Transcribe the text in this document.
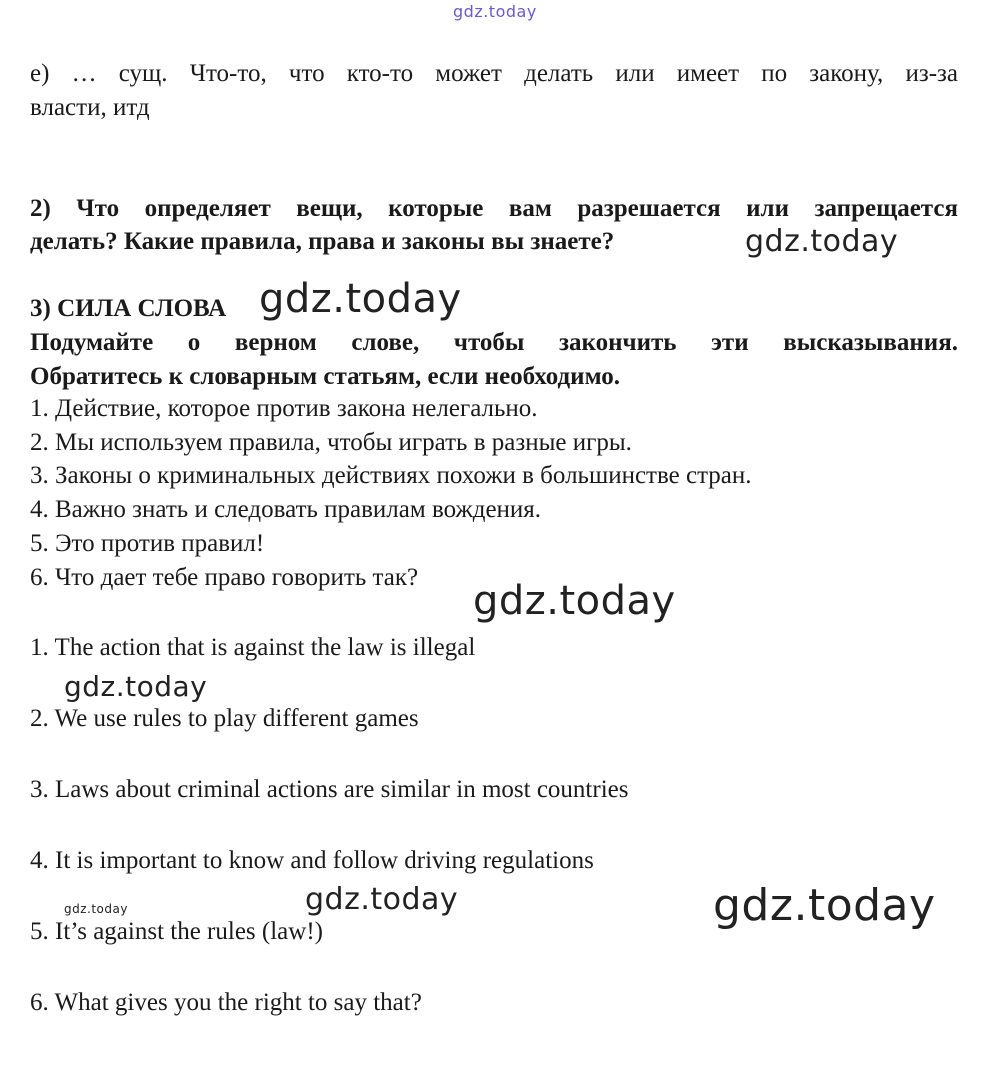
gdz.today
е) … сущ. Что-то, что кто-то может делать или имеет по закону, из-за
власти, итд
2) Что определяет вещи, которые вам разрешается или запрещается
делать? Какие правила, права и законы вы знаете?	gdz.today
3) СИЛА СЛОВА gdz.today
Подумайте о верном слове, чтобы закончить эти высказывания.
Обратитесь к словарным статьям, если необходимо.
1. Действие, которое против закона нелегально.
2. Мы используем правила, чтобы играть в разные игры.
3. Законы о криминальных действиях похожи в большинстве стран.
4. Важно знать и следовать правилам вождения.
5. Это против правил!
6. Что дает тебе право говорить так?
gdz.today
1. The action that is against the law is illegal
gdz.today
2. We use rules to play different games
3. Laws about criminal actions are similar in most countries
4. It is important to know and follow driving regulations
gdz.today	gdz.today	gdz.today
5. It’s against the rules (law!)
6. What gives you the right to say that?
